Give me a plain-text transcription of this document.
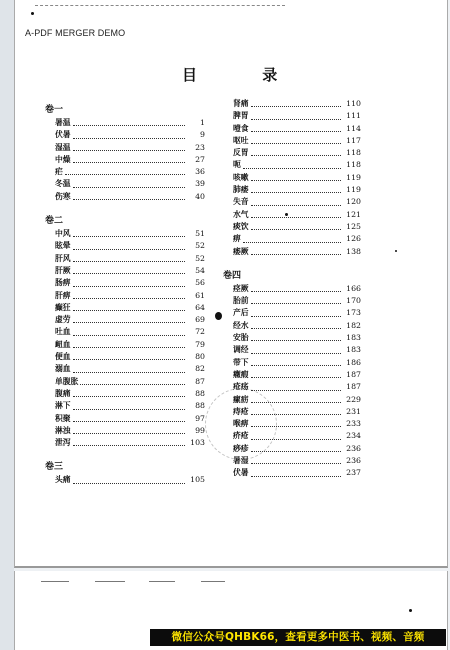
A-PDF MERGER DEMO
目 录
卷一
暑温	1
伏暑	9
湿温	23
中燥	27
疟	36
冬温	39
伤寒	40
卷二
中风	51
眩晕	52
肝风	52
肝厥	54
肠痹	56
肝痹	61
癫狂	64
虚劳	69
吐血	72
衄血	79
便血	80
溺血	82
单腹胀	87
腹痛	88
淋下	88
积聚	97
淋浊	99
泄泻	103
卷三
头痛	105
肾痛	110
脾胃	111
噎食	114
呕吐	117
反胃	118
呃	118
咳嗽	119
肺痿	119
失音	120
水气	121
痰饮	125
痹	126
痿厥	138
卷四
痉厥	166
胎前	170
产后	173
经水	182
安胎	183
调经	183
带下	186
癥瘕	187
疮疡	187
瘰疬	229
痔疮	231
喉痹	233
疥疮	234
痧疹	236
暑湿	236
伏暑	237
微信公众号QHBK66，查看更多中医书、视频、音频
